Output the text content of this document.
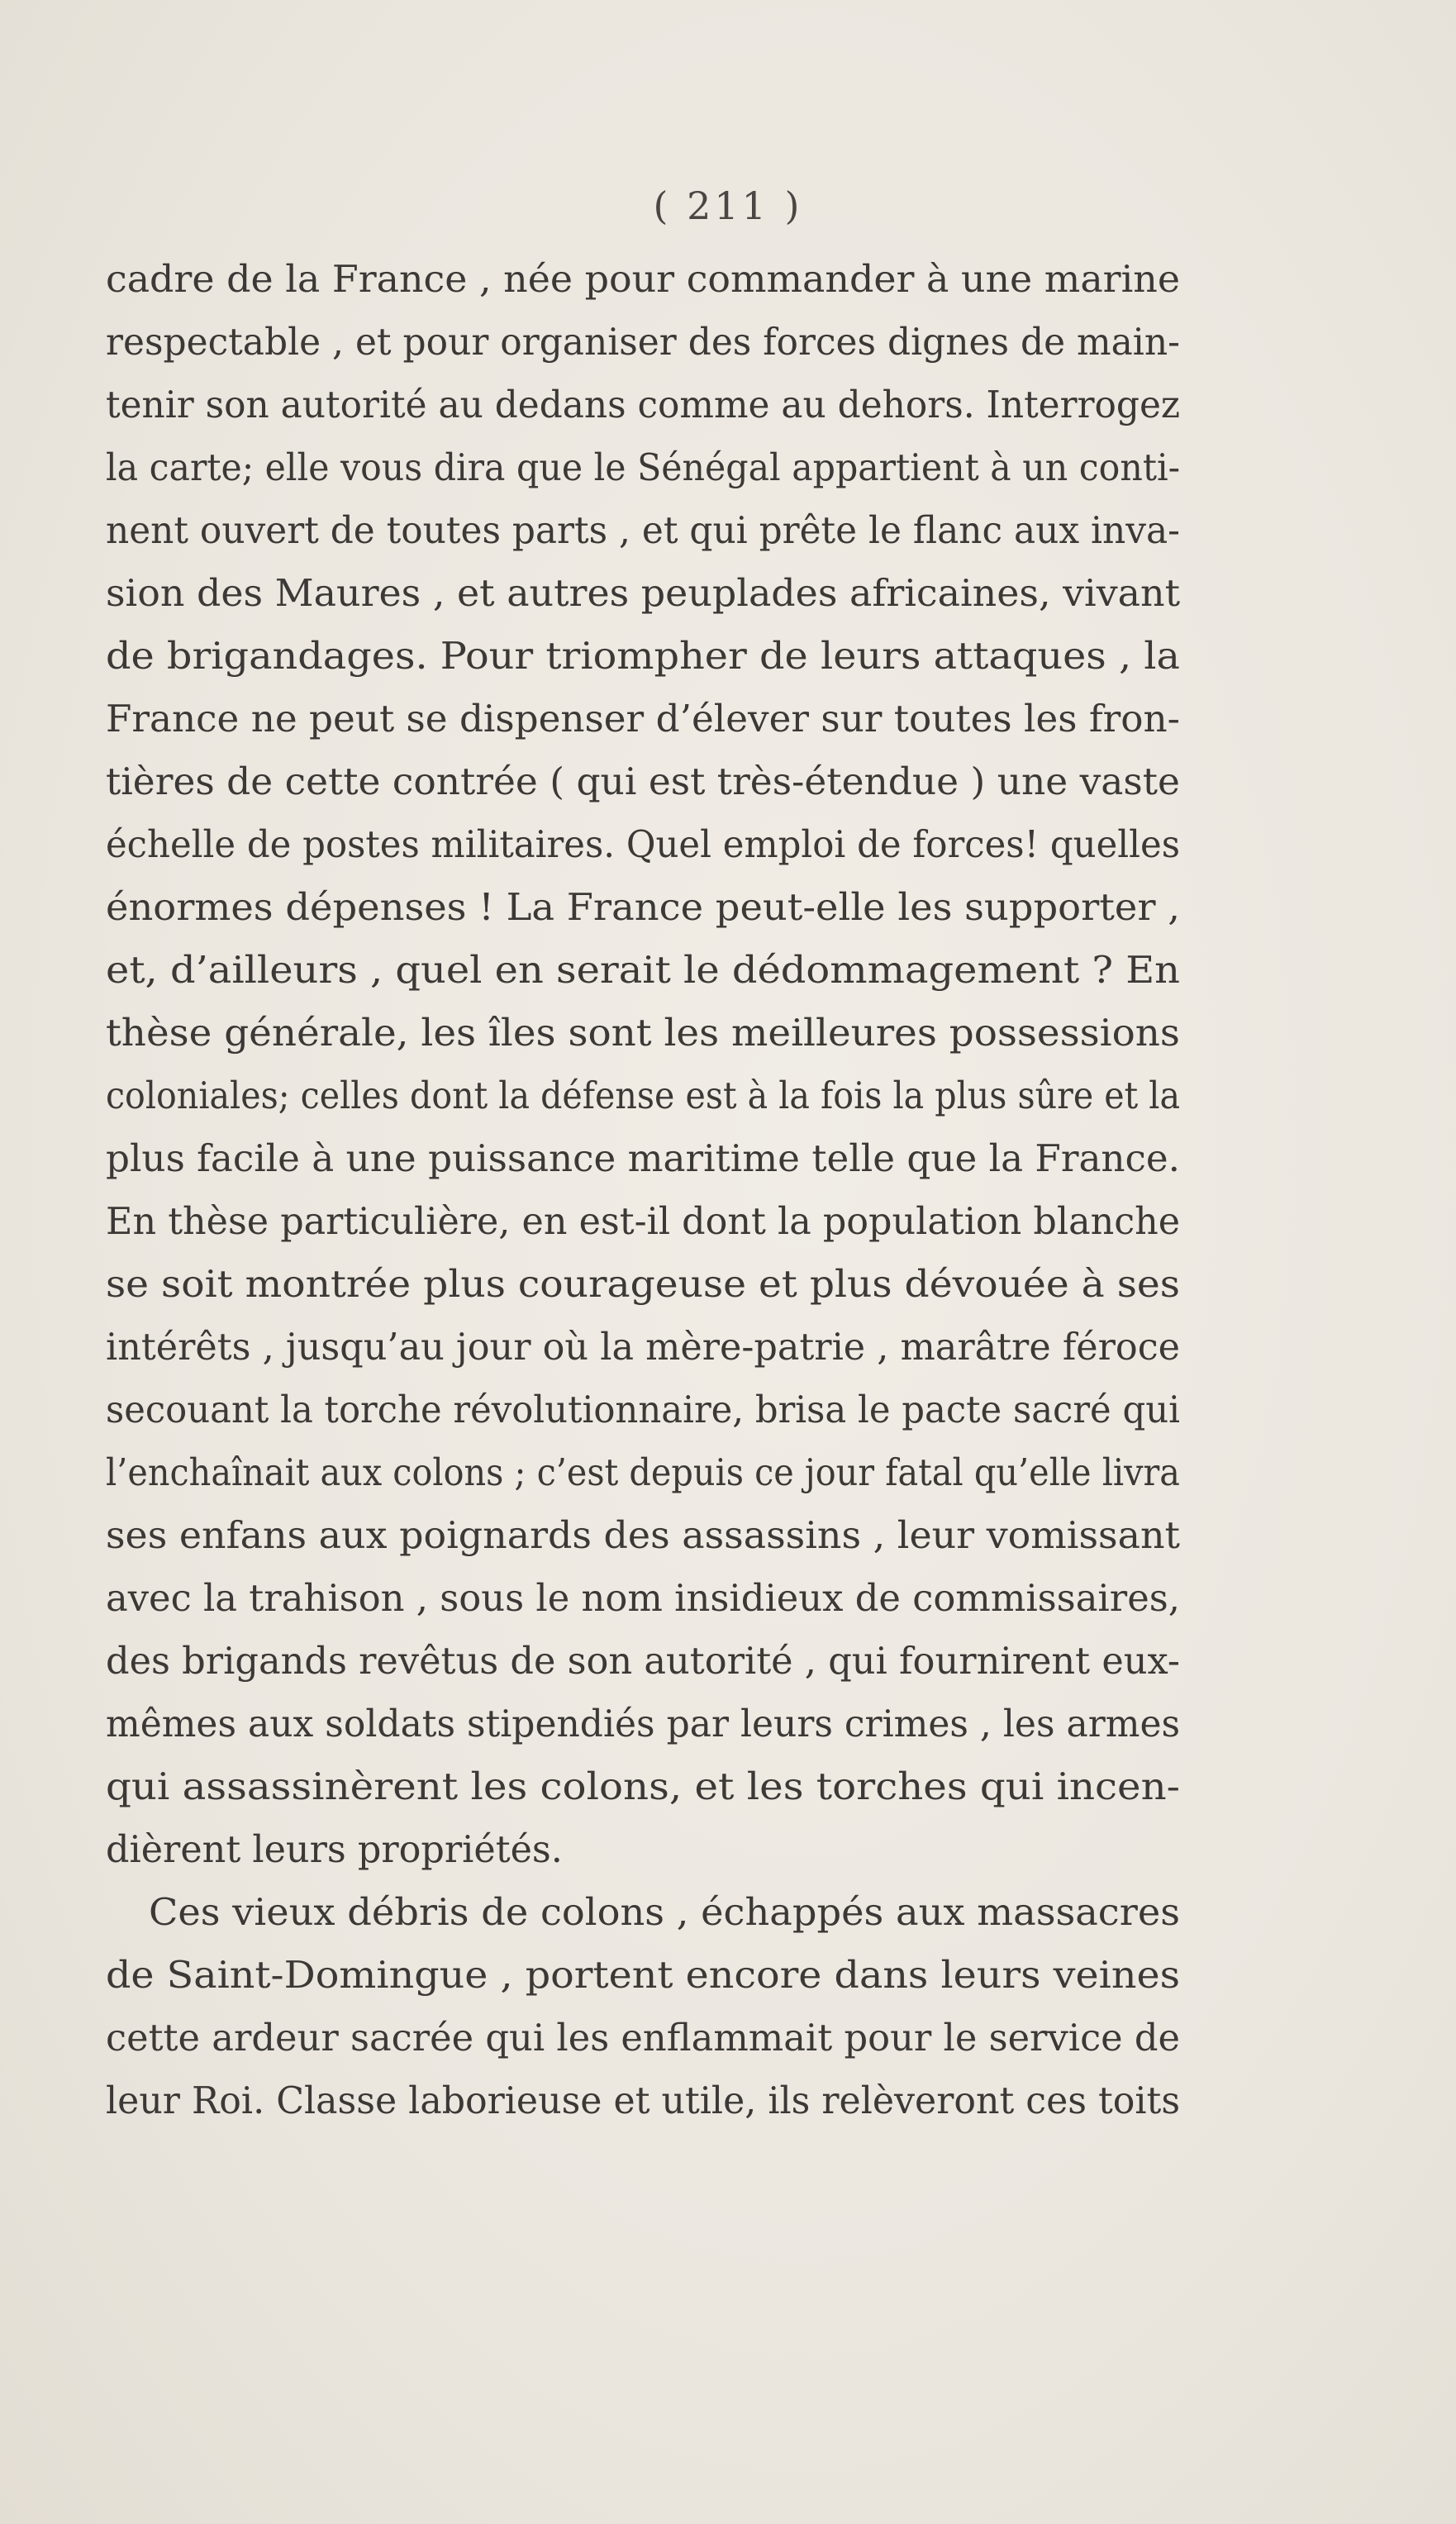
( 211 )
cadre de la France , née pour commander à une marine
respectable , et pour organiser des forces dignes de main-
tenir son autorité au dedans comme au dehors. Interrogez
la carte; elle vous dira que le Sénégal appartient à un conti-
nent ouvert de toutes parts , et qui prête le flanc aux inva-
sion des Maures , et autres peuplades africaines, vivant
de brigandages. Pour triompher de leurs attaques , la
France ne peut se dispenser d’élever sur toutes les fron-
tières de cette contrée ( qui est très-étendue ) une vaste
échelle de postes militaires. Quel emploi de forces! quelles
énormes dépenses ! La France peut-elle les supporter ,
et, d’ailleurs , quel en serait le dédommagement ? En
thèse générale, les îles sont les meilleures possessions
coloniales; celles dont la défense est à la fois la plus sûre et la
plus facile à une puissance maritime telle que la France.
En thèse particulière, en est-il dont la population blanche
se soit montrée plus courageuse et plus dévouée à ses
intérêts , jusqu’au jour où la mère-patrie , marâtre féroce
secouant la torche révolutionnaire, brisa le pacte sacré qui
l’enchaînait aux colons ; c’est depuis ce jour fatal qu’elle livra
ses enfans aux poignards des assassins , leur vomissant
avec la trahison , sous le nom insidieux de commissaires,
des brigands revêtus de son autorité , qui fournirent eux-
mêmes aux soldats stipendiés par leurs crimes , les armes
qui assassinèrent les colons, et les torches qui incen-
dièrent leurs propriétés.
Ces vieux débris de colons , échappés aux massacres
de Saint-Domingue , portent encore dans leurs veines
cette ardeur sacrée qui les enflammait pour le service de
leur Roi. Classe laborieuse et utile, ils relèveront ces toits
